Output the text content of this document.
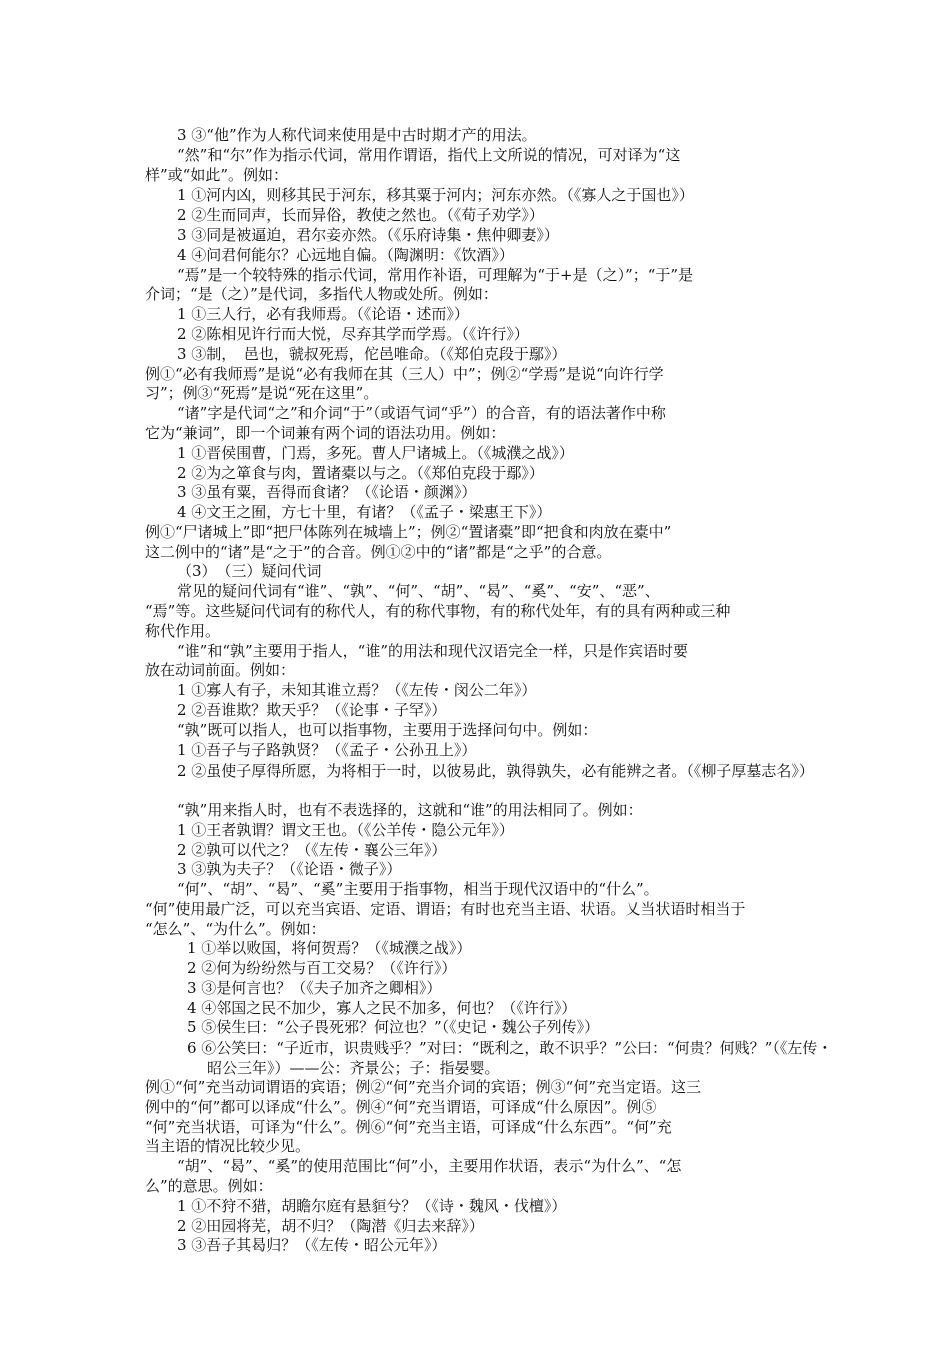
3 ③“他”作为人称代词来使用是中古时期才产的用法。

“然”和“尔”作为指示代词，常用作谓语，指代上文所说的情况，可对译为“这

样”或“如此”。例如：

1 ①河内凶，则移其民于河东，移其粟于河内；河东亦然。（《寡人之于国也》）

2 ②生而同声，长而异俗，教使之然也。（《荀子劝学》）

3 ③同是被逼迫，君尔妾亦然。（《乐府诗集・焦仲卿妻》）

4 ④问君何能尔？心远地自偏。（陶渊明：《饮酒》）

“焉”是一个较特殊的指示代词，常用作补语，可理解为“于+是（之）”；“于”是

介词；“是（之）”是代词，多指代人物或处所。例如：

1 ①三人行，必有我师焉。（《论语・述而》）

2 ②陈相见许行而大悦，尽弃其学而学焉。（《许行》）

3 ③制，　邑也，虢叔死焉，佗邑唯命。（《郑伯克段于鄢》）

例①“必有我师焉”是说“必有我师在其（三人）中”；例②“学焉”是说“向许行学

习”；例③“死焉”是说“死在这里”。

“诸”字是代词“之”和介词“于”（或语气词“乎”）的合音，有的语法著作中称

它为“兼词”，即一个词兼有两个词的语法功用。例如：

1 ①晋侯围曹，门焉，多死。曹人尸诸城上。（《城濮之战》）

2 ②为之箪食与肉，置诸橐以与之。（《郑伯克段于鄢》）

3 ③虽有粟，吾得而食诸？（《论语・颜渊》）

4 ④文王之囿，方七十里，有诸？（《孟子・梁惠王下》）

例①“尸诸城上”即“把尸体陈列在城墙上”；例②“置诸橐”即“把食和肉放在橐中”

这二例中的“诸”是“之于”的合音。例①②中的“诸”都是“之乎”的合意。

（3）　（三）疑问代词

常见的疑问代词有“谁”、“孰”、“何”、“胡”、“曷”、“奚”、“安”、“恶”、

“焉”等。这些疑问代词有的称代人，有的称代事物，有的称代处年，有的具有两种或三种

称代作用。

“谁”和“孰”主要用于指人，“谁”的用法和现代汉语完全一样，只是作宾语时要

放在动词前面。例如：

1 ①寡人有子，未知其谁立焉？（《左传・闵公二年》）

2 ②吾谁欺？欺天乎？（《论事・子罕》）

“孰”既可以指人，也可以指事物，主要用于选择问句中。例如：

1 ①吾子与子路孰贤？（《孟子・公孙丑上》）

2 ②虽使子厚得所愿，为将相于一时，以彼易此，孰得孰失，必有能辨之者。（《柳子厚墓志名》）

“孰”用来指人时，也有不表选择的，这就和“谁”的用法相同了。例如：

1 ①王者孰谓？谓文王也。（《公羊传・隐公元年》）

2 ②孰可以代之？（《左传・襄公三年》）

3 ③孰为夫子？（《论语・微子》）

“何”、“胡”、“曷”、“奚”主要用于指事物，相当于现代汉语中的“什么”。

“何”使用最广泛，可以充当宾语、定语、谓语；有时也充当主语、状语。乂当状语时相当于

“怎么”、“为什么”。例如：

1 ①举以败国，将何贺焉？（《城濮之战》）

2 ②何为纷纷然与百工交易？（《许行》）

3 ③是何言也？（《夫子加齐之卿相》）

4 ④邻国之民不加少，寡人之民不加多，何也？（《许行》）

5 ⑤侯生曰：“公子畏死邪？何泣也？”（《史记・魏公子列传》）

6 ⑥公笑曰：“子近市，识贵贱乎？”对曰：“既利之，敢不识乎？”公曰：“何贵？何贱？”（《左传・昭公三年》）——公：齐景公；子：指晏婴。

例①“何”充当动词谓语的宾语；例②“何”充当介词的宾语；例③“何”充当定语。这三

例中的“何”都可以译成“什么”。例④“何”充当谓语，可译成“什么原因”。例⑤

“何”充当状语，可译为“什么”。例⑥“何”充当主语，可译成“什么东西”。“何”充

当主语的情况比较少见。

“胡”、“曷”、“奚”的使用范围比“何”小，主要用作状语，表示“为什么”、“怎

么”的意思。例如：

1 ①不狩不猎，胡瞻尔庭有悬貆兮？（《诗・魏风・伐檀》）

2 ②田园将芜，胡不归？（陶潜《归去来辞》）

3 ③吾子其曷归？（《左传・昭公元年》）
